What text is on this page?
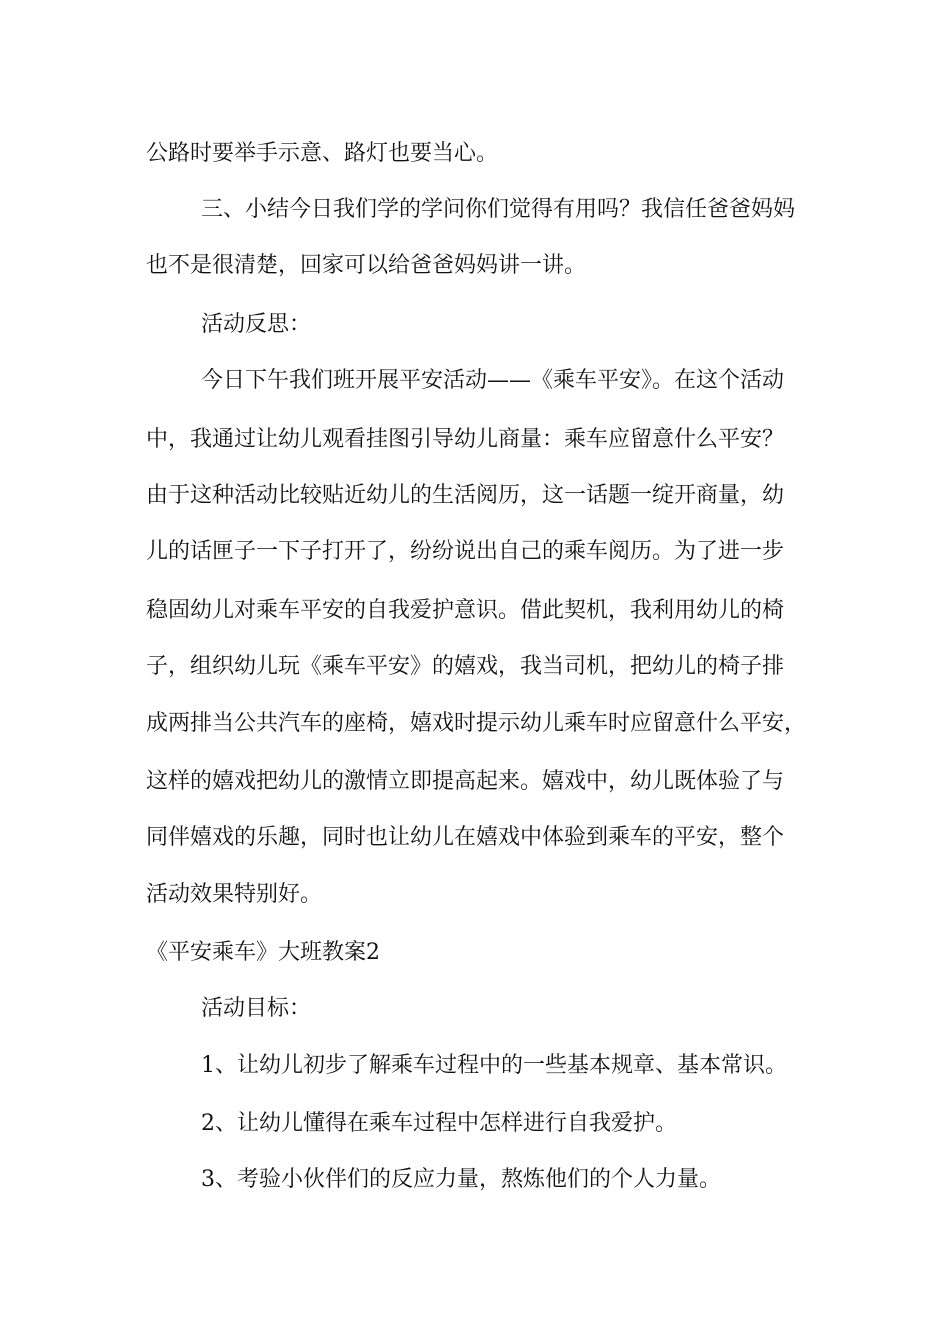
公路时要举手示意、路灯也要当心。
三、小结今日我们学的学问你们觉得有用吗？我信任爸爸妈妈
也不是很清楚，回家可以给爸爸妈妈讲一讲。
活动反思：
今日下午我们班开展平安活动——《乘车平安》。在这个活动
中，我通过让幼儿观看挂图引导幼儿商量：乘车应留意什么平安？
由于这种活动比较贴近幼儿的生活阅历，这一话题一绽开商量，幼
儿的话匣子一下子打开了，纷纷说出自己的乘车阅历。为了进一步
稳固幼儿对乘车平安的自我爱护意识。借此契机，我利用幼儿的椅
子，组织幼儿玩《乘车平安》的嬉戏，我当司机，把幼儿的椅子排
成两排当公共汽车的座椅，嬉戏时提示幼儿乘车时应留意什么平安，
这样的嬉戏把幼儿的激情立即提高起来。嬉戏中，幼儿既体验了与
同伴嬉戏的乐趣，同时也让幼儿在嬉戏中体验到乘车的平安，整个
活动效果特别好。
《平安乘车》大班教案2
活动目标：
1、让幼儿初步了解乘车过程中的一些基本规章、基本常识。
2、让幼儿懂得在乘车过程中怎样进行自我爱护。
3、考验小伙伴们的反应力量，熬炼他们的个人力量。
